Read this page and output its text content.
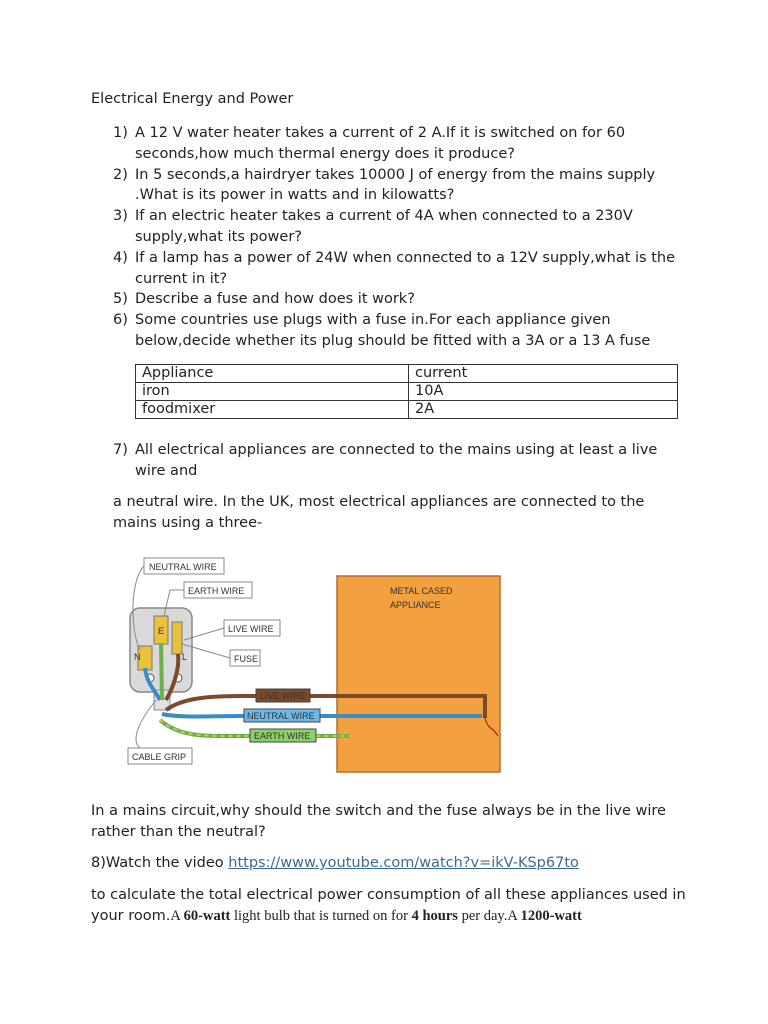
Electrical Energy and Power
1) A 12 V water heater takes a current of 2 A.If it is switched on for 60 seconds,how much thermal energy does it produce?
2) In 5 seconds,a hairdryer takes 10000 J of energy from the mains supply .What is its power in watts and in kilowatts?
3) If an electric heater takes a current of 4A when connected to a 230V supply,what its power?
4) If a lamp has a power of 24W when connected to a 12V supply,what is the current in it?
5) Describe a fuse and how does it work?
6) Some countries use plugs with a fuse in.For each appliance given below,decide whether its plug should be fitted with a 3A or a 13 A fuse
Appliance	current
iron	10A
foodmixer	2A
7) All electrical appliances are connected to the mains using at least a live wire and
a neutral wire. In the UK, most electrical appliances are connected to the mains using a three-
METAL CASED
APPLIANCE
N
E
L
LIVE WIRE
NEUTRAL WIRE
EARTH WIRE
NEUTRAL WIRE
EARTH WIRE
LIVE WIRE
FUSE
CABLE GRIP
In a mains circuit,why should the switch and the fuse always be in the live wire rather than the neutral?
8)Watch the video https://www.youtube.com/watch?v=ikV-KSp67to
to calculate the total electrical power consumption of all these appliances used in your room.A 60-watt light bulb that is turned on for 4 hours per day.A 1200-watt
